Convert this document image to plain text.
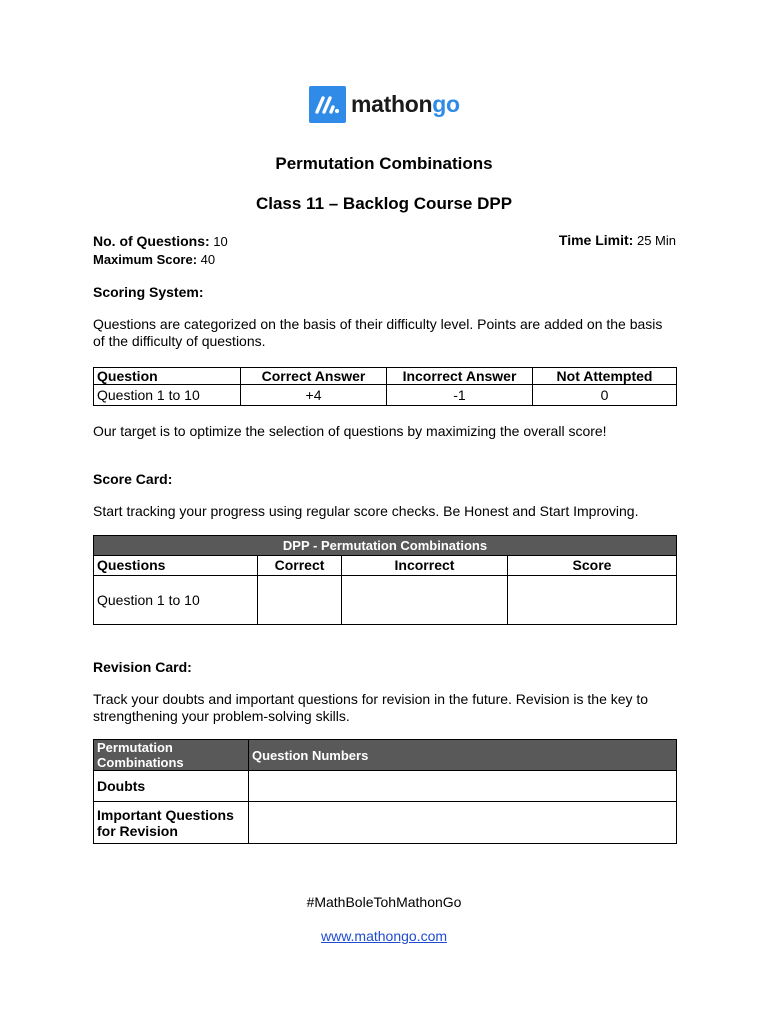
mathongo
Permutation Combinations
Class 11 – Backlog Course DPP
No. of Questions: 10
Maximum Score: 40
Time Limit: 25 Min
Scoring System:
Questions are categorized on the basis of their difficulty level. Points are added on the basis of the difficulty of questions.
Question	Correct Answer	Incorrect Answer	Not Attempted
Question 1 to 10	+4	-1	0
Our target is to optimize the selection of questions by maximizing the overall score!
Score Card:
Start tracking your progress using regular score checks. Be Honest and Start Improving.
DPP - Permutation Combinations			
Questions	Correct	Incorrect	Score
Question 1 to 10			
Revision Card:
Track your doubts and important questions for revision in the future. Revision is the key to strengthening your problem-solving skills.
Permutation Combinations	Question Numbers
Doubts	
Important Questions for Revision	
#MathBoleTohMathonGo
www.mathongo.com
